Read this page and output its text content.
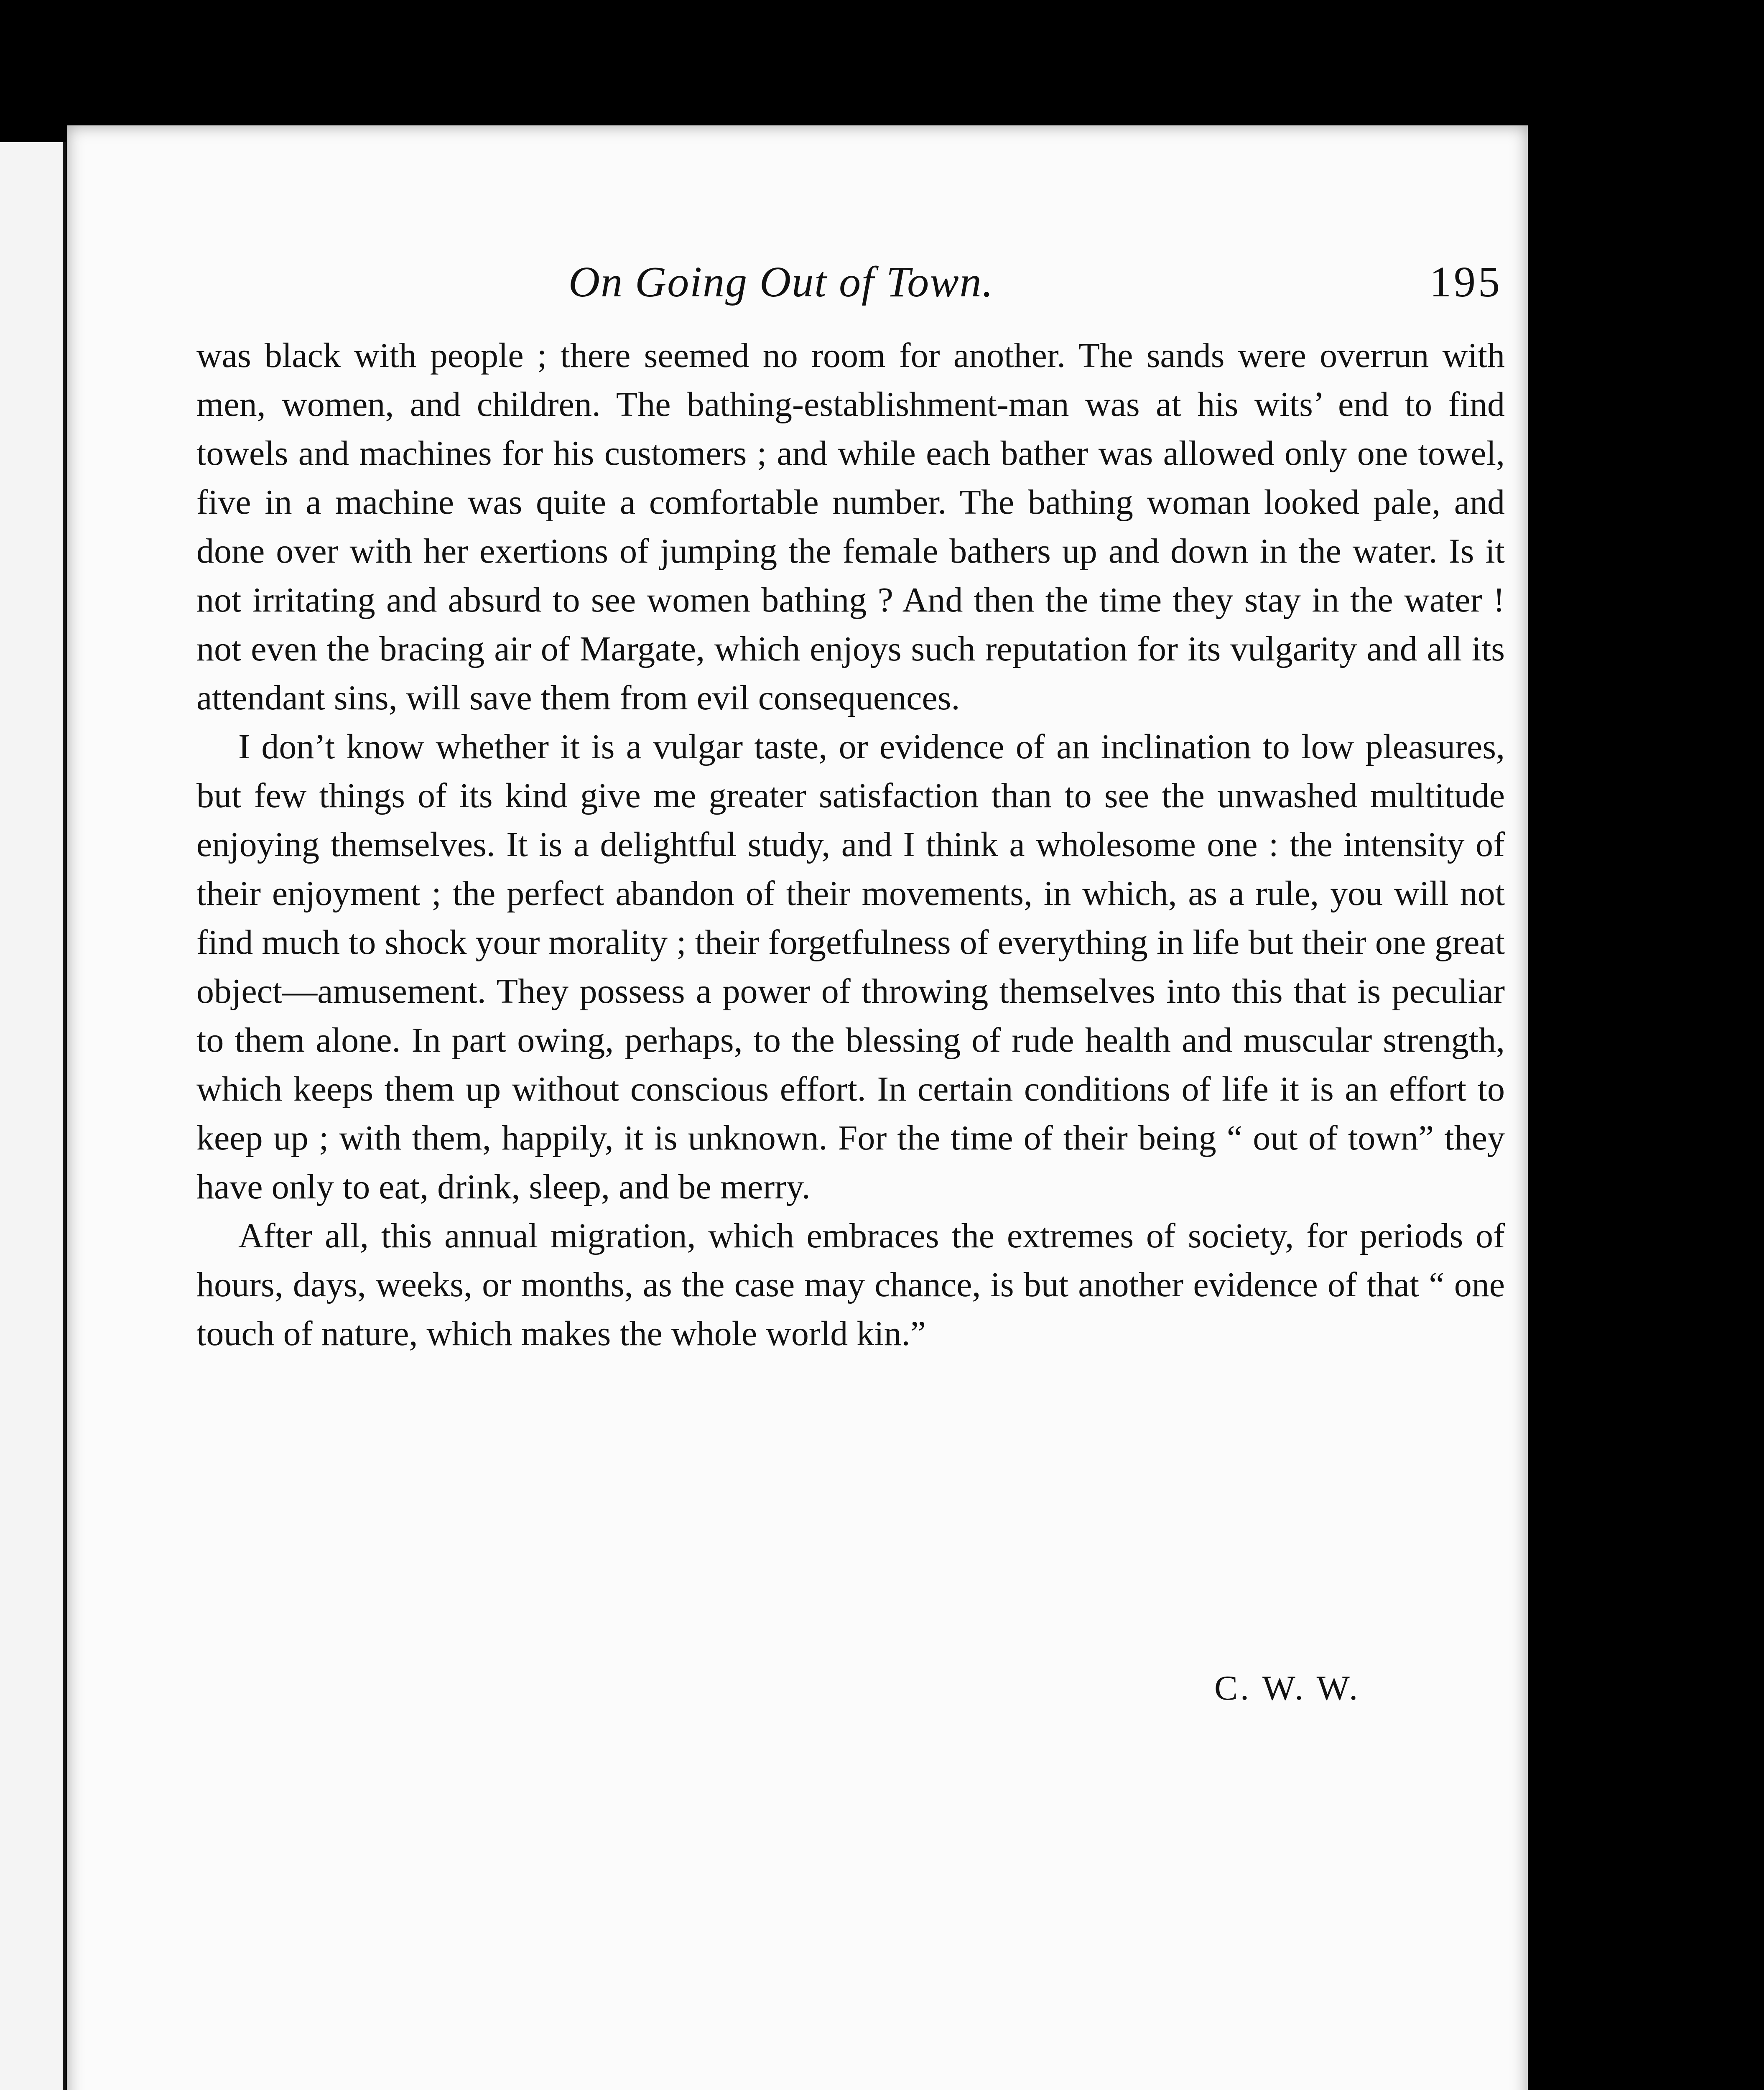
On Going Out of Town.	195

was black with people ; there seemed no room for another. The sands were overrun with men, women, and children. The bathing-establishment-man was at his wits’ end to find towels and machines for his customers ; and while each bather was allowed only one towel, five in a machine was quite a comfortable number. The bathing woman looked pale, and done over with her exertions of jumping the female bathers up and down in the water. Is it not irritating and absurd to see women bathing ? And then the time they stay in the water ! not even the bracing air of Margate, which enjoys such reputation for its vulgarity and all its attendant sins, will save them from evil consequences.

I don’t know whether it is a vulgar taste, or evidence of an inclination to low pleasures, but few things of its kind give me greater satisfaction than to see the unwashed multitude enjoying themselves. It is a delightful study, and I think a wholesome one : the intensity of their enjoyment ; the perfect abandon of their movements, in which, as a rule, you will not find much to shock your morality ; their forgetfulness of everything in life but their one great object—amusement. They possess a power of throwing themselves into this that is peculiar to them alone. In part owing, perhaps, to the blessing of rude health and muscular strength, which keeps them up without conscious effort. In certain conditions of life it is an effort to keep up ; with them, happily, it is unknown. For the time of their being “ out of town” they have only to eat, drink, sleep, and be merry.

After all, this annual migration, which embraces the extremes of society, for periods of hours, days, weeks, or months, as the case may chance, is but another evidence of that “ one touch of nature, which makes the whole world kin.”

C. W. W.
